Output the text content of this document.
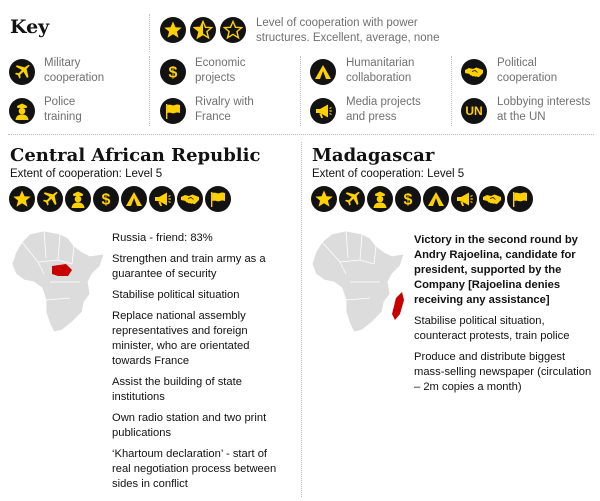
Key	Level of cooperation with power structures. Excellent, average, none
Military cooperation
Police training
Economic projects
Rivalry with France
Humanitarian collaboration
Media projects and press
Political cooperation
UN
Lobbying interests at the UN
Central African Republic
Extent of cooperation: Level 5

Russia - friend: 83%

Strengthen and train army as a guarantee of security

Stabilise political situation

Replace national assembly representatives and foreign minister, who are orientated towards France

Assist the building of state institutions

Own radio station and two print publications

‘Khartoum declaration’ - start of real negotiation process between sides in conflict

Madagascar
Extent of cooperation: Level 5

Victory in the second round by Andry Rajoelina, candidate for president, supported by the Company [Rajoelina denies receiving any assistance]

Stabilise political situation, counteract protests, train police

Produce and distribute biggest mass-selling newspaper (circulation – 2m copies a month)
